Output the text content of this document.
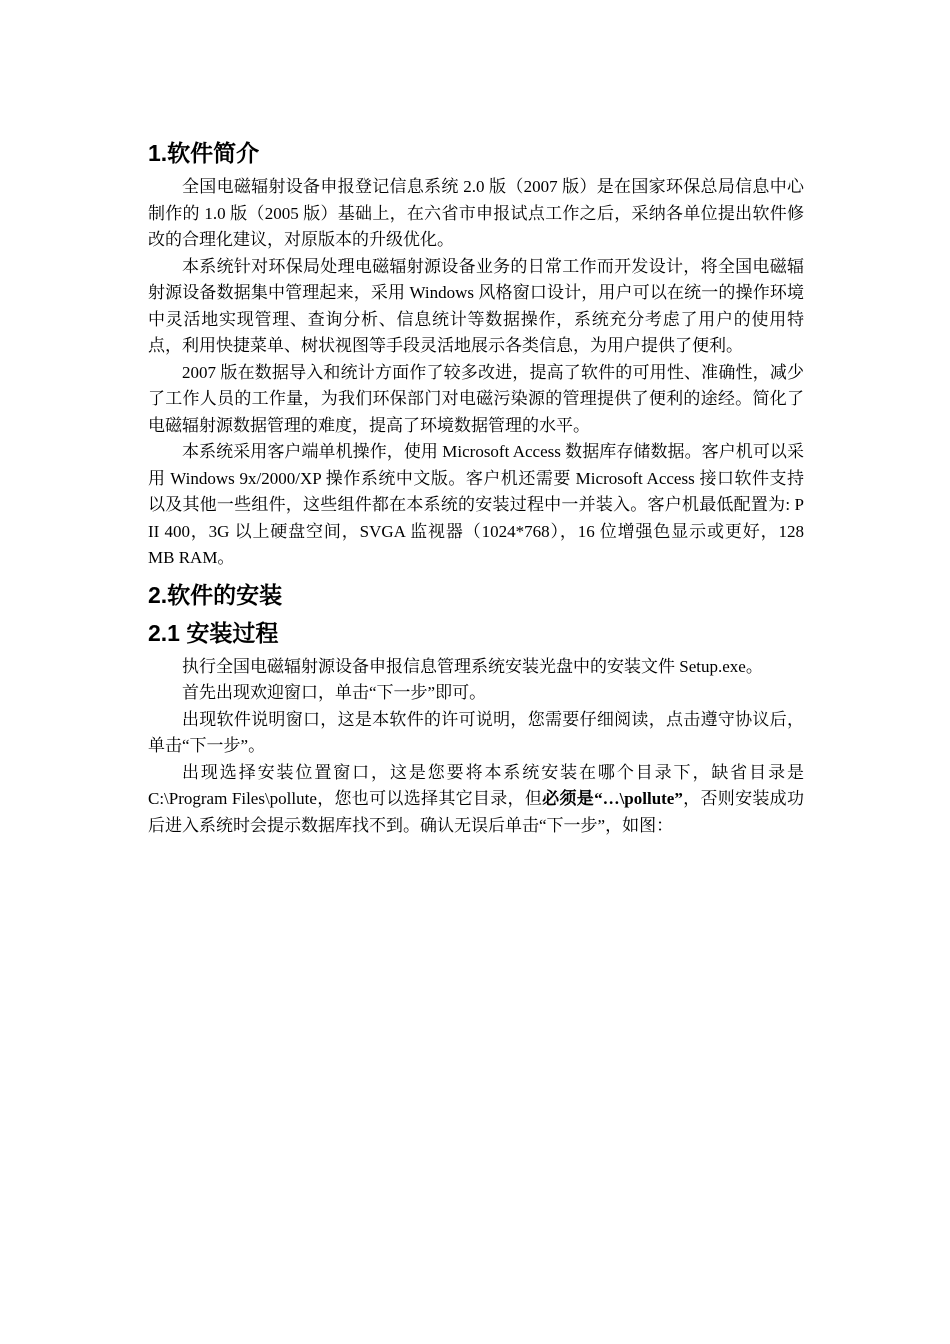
1.软件简介

全国电磁辐射设备申报登记信息系统 2.0 版（2007 版）是在国家环保总局信息中心制作的 1.0 版（2005 版）基础上，在六省市申报试点工作之后，采纳各单位提出软件修改的合理化建议，对原版本的升级优化。

本系统针对环保局处理电磁辐射源设备业务的日常工作而开发设计，将全国电磁辐射源设备数据集中管理起来，采用 Windows 风格窗口设计，用户可以在统一的操作环境中灵活地实现管理、查询分析、信息统计等数据操作，系统充分考虑了用户的使用特点，利用快捷菜单、树状视图等手段灵活地展示各类信息，为用户提供了便利。

2007 版在数据导入和统计方面作了较多改进，提高了软件的可用性、准确性，减少了工作人员的工作量，为我们环保部门对电磁污染源的管理提供了便利的途经。简化了电磁辐射源数据管理的难度，提高了环境数据管理的水平。

本系统采用客户端单机操作，使用 Microsoft Access 数据库存储数据。客户机可以采用 Windows 9x/2000/XP 操作系统中文版。客户机还需要 Microsoft Access 接口软件支持以及其他一些组件，这些组件都在本系统的安装过程中一并装入。客户机最低配置为: P II 400，3G 以上硬盘空间，SVGA 监视器（1024*768），16 位增强色显示或更好，128 MB RAM。

2.软件的安装
2.1 安装过程

执行全国电磁辐射源设备申报信息管理系统安装光盘中的安装文件 Setup.exe。

首先出现欢迎窗口，单击“下一步”即可。

出现软件说明窗口，这是本软件的许可说明，您需要仔细阅读，点击遵守协议后，单击“下一步”。

出现选择安装位置窗口，这是您要将本系统安装在哪个目录下，缺省目录是 C:\Program Files\pollute，您也可以选择其它目录，但必须是“…\pollute”，否则安装成功后进入系统时会提示数据库找不到。确认无误后单击“下一步”，如图：
